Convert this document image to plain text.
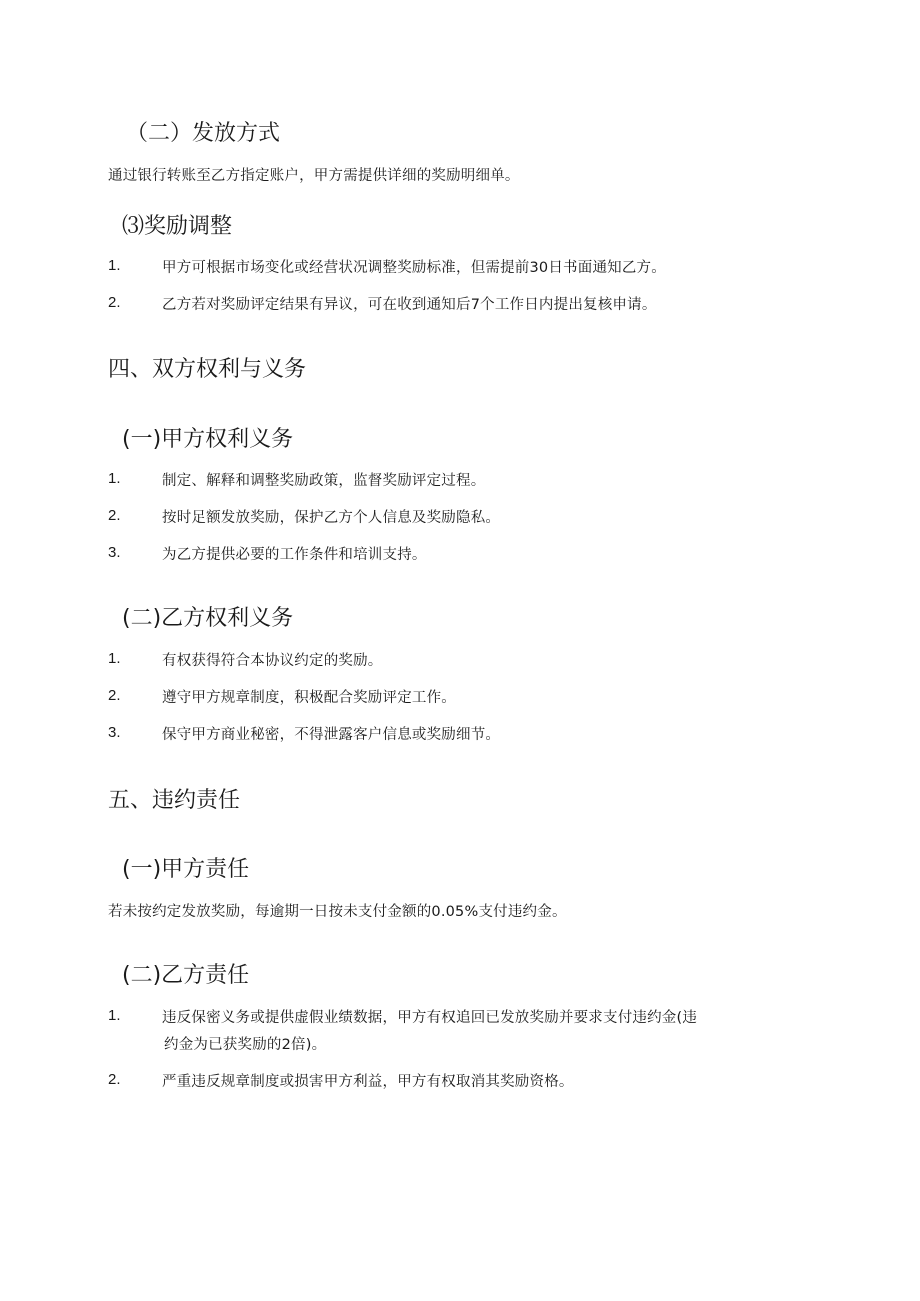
（二）发放方式
通过银行转账至乙方指定账户，甲方需提供详细的奖励明细单。
⑶奖励调整
1.	甲方可根据市场变化或经营状况调整奖励标准，但需提前30日书面通知乙方。
2.	乙方若对奖励评定结果有异议，可在收到通知后7个工作日内提出复核申请。
四、双方权利与义务
(一)甲方权利义务
1.	制定、解释和调整奖励政策，监督奖励评定过程。
2.	按时足额发放奖励，保护乙方个人信息及奖励隐私。
3.	为乙方提供必要的工作条件和培训支持。
(二)乙方权利义务
1.	有权获得符合本协议约定的奖励。
2.	遵守甲方规章制度，积极配合奖励评定工作。
3.	保守甲方商业秘密，不得泄露客户信息或奖励细节。
五、违约责任
(一)甲方责任
若未按约定发放奖励，每逾期一日按未支付金额的0.05%支付违约金。
(二)乙方责任
1.	违反保密义务或提供虚假业绩数据，甲方有权追回已发放奖励并要求支付违约金(违
约金为已获奖励的2倍)。
2.	严重违反规章制度或损害甲方利益，甲方有权取消其奖励资格。
